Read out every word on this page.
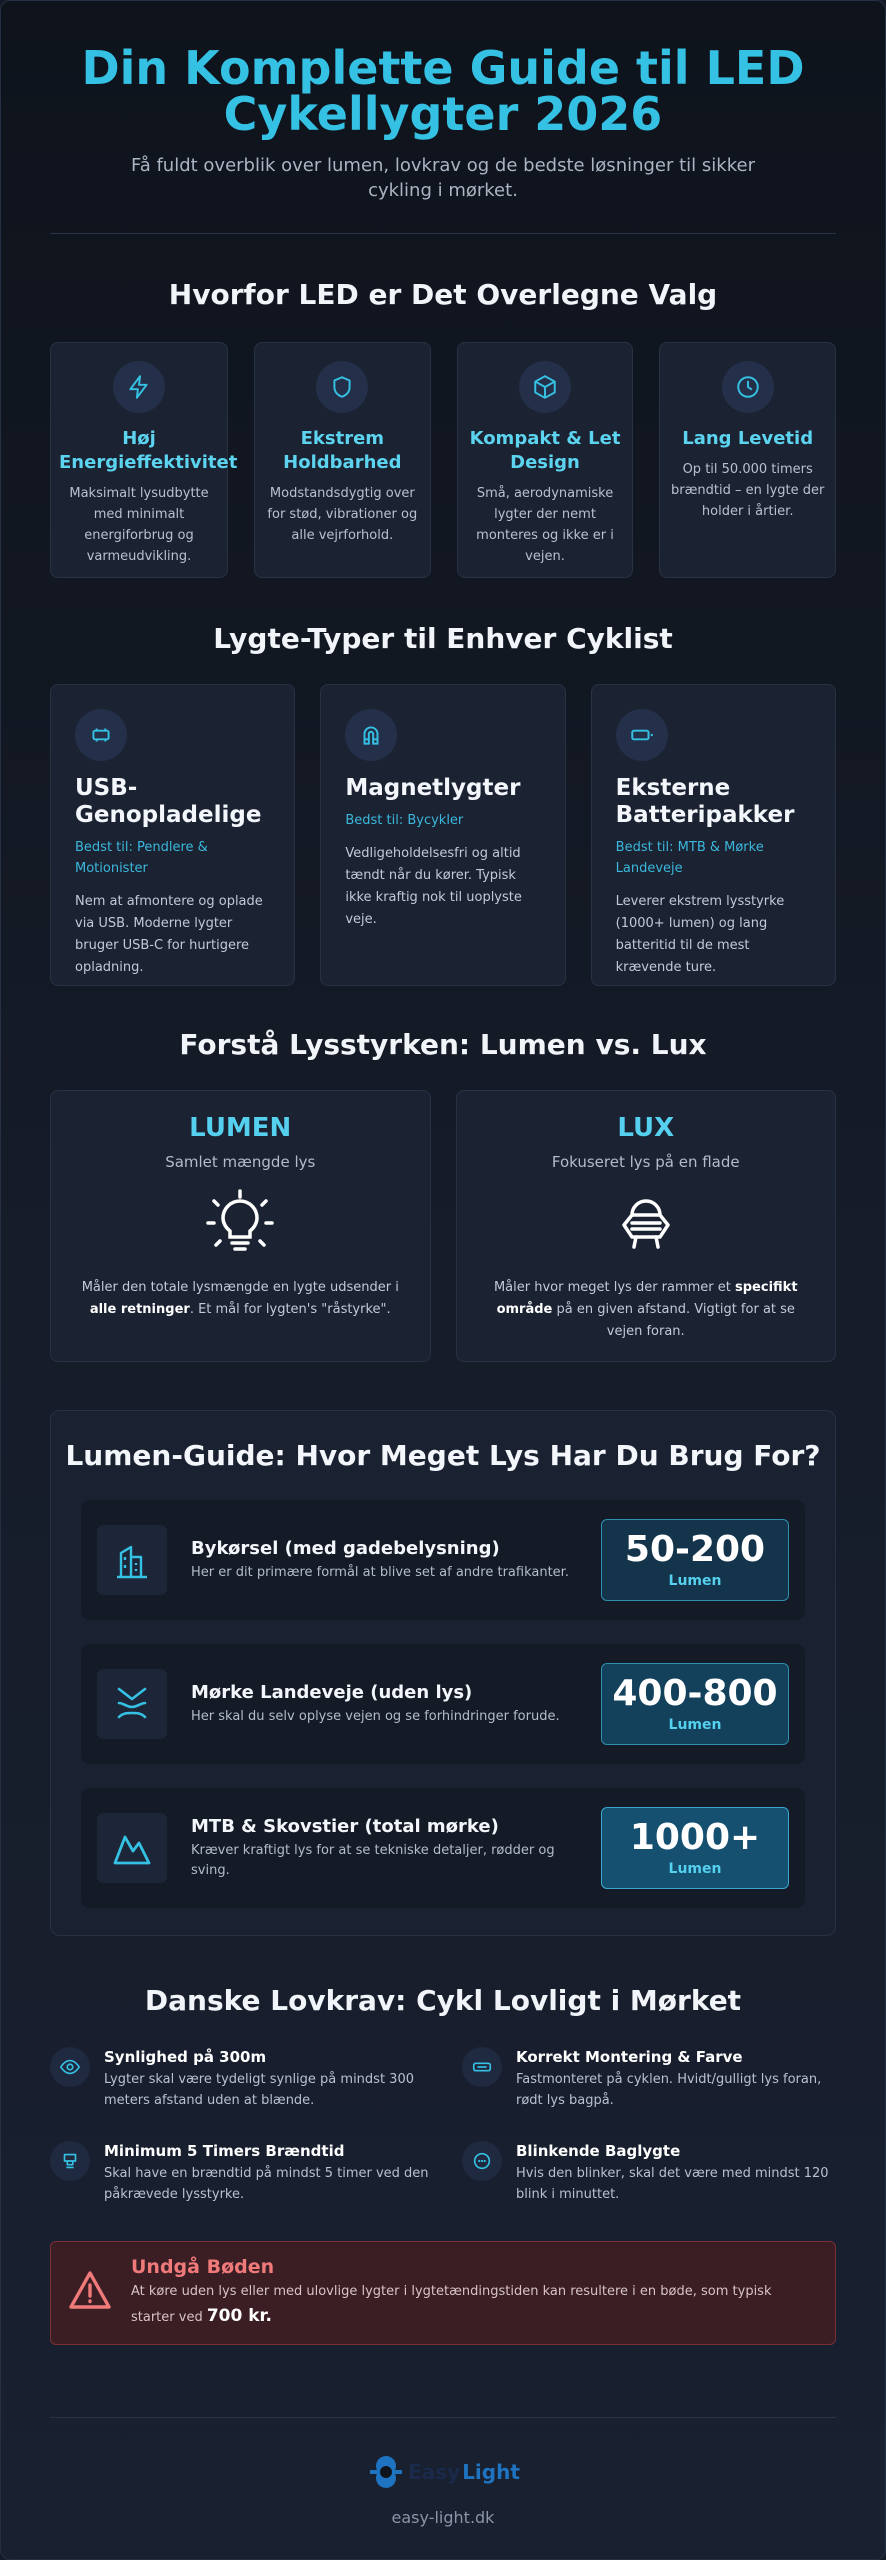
Din Komplette Guide til LED Cykellygter 2026

Få fuldt overblik over lumen, lovkrav og de bedste løsninger til sikker cykling i mørket.

Hvorfor LED er Det Overlegne Valg
Høj Energieffektivitet
Maksimalt lysudbytte med minimalt energiforbrug og varmeudvikling.
Ekstrem Holdbarhed
Modstandsdygtig over for stød, vibrationer og alle vejrforhold.
Kompakt & Let Design
Små, aerodynamiske lygter der nemt monteres og ikke er i vejen.
Lang Levetid
Op til 50.000 timers brændtid – en lygte der holder i årtier.
Lygte-Typer til Enhver Cyklist
USB-Genopladelige
Bedst til: Pendlere & Motionister
Nem at afmontere og oplade via USB. Moderne lygter bruger USB-C for hurtigere opladning.
Magnetlygter
Bedst til: Bycykler
Vedligeholdelsesfri og altid tændt når du kører. Typisk ikke kraftig nok til uoplyste veje.
Eksterne Batteripakker
Bedst til: MTB & Mørke Landeveje
Leverer ekstrem lysstyrke (1000+ lumen) og lang batteritid til de mest krævende ture.
Forstå Lysstyrken: Lumen vs. Lux
LUMEN
Samlet mængde lys

Måler den totale lysmængde en lygte udsender i alle retninger. Et mål for lygten's "råstyrke".

LUX
Fokuseret lys på en flade

Måler hvor meget lys der rammer et specifikt område på en given afstand. Vigtigt for at se vejen foran.

Lumen-Guide: Hvor Meget Lys Har Du Brug For?
Bykørsel (med gadebelysning)
Her er dit primære formål at blive set af andre trafikanter.
50-200
Lumen
Mørke Landeveje (uden lys)
Her skal du selv oplyse vejen og se forhindringer forude.
400-800
Lumen
MTB & Skovstier (total mørke)
Kræver kraftigt lys for at se tekniske detaljer, rødder og sving.
1000+
Lumen
Danske Lovkrav: Cykl Lovligt i Mørket
Synlighed på 300m
Lygter skal være tydeligt synlige på mindst 300 meters afstand uden at blænde.
Korrekt Montering & Farve
Fastmonteret på cyklen. Hvidt/gulligt lys foran, rødt lys bagpå.
Minimum 5 Timers Brændtid
Skal have en brændtid på mindst 5 timer ved den påkrævede lysstyrke.
Blinkende Baglygte
Hvis den blinker, skal det være med mindst 120 blink i minuttet.
Undgå Bøden
At køre uden lys eller med ulovlige lygter i lygtetændingstiden kan resultere i en bøde, som typisk starter ved 700 kr.
Easy Light
easy-light.dk
